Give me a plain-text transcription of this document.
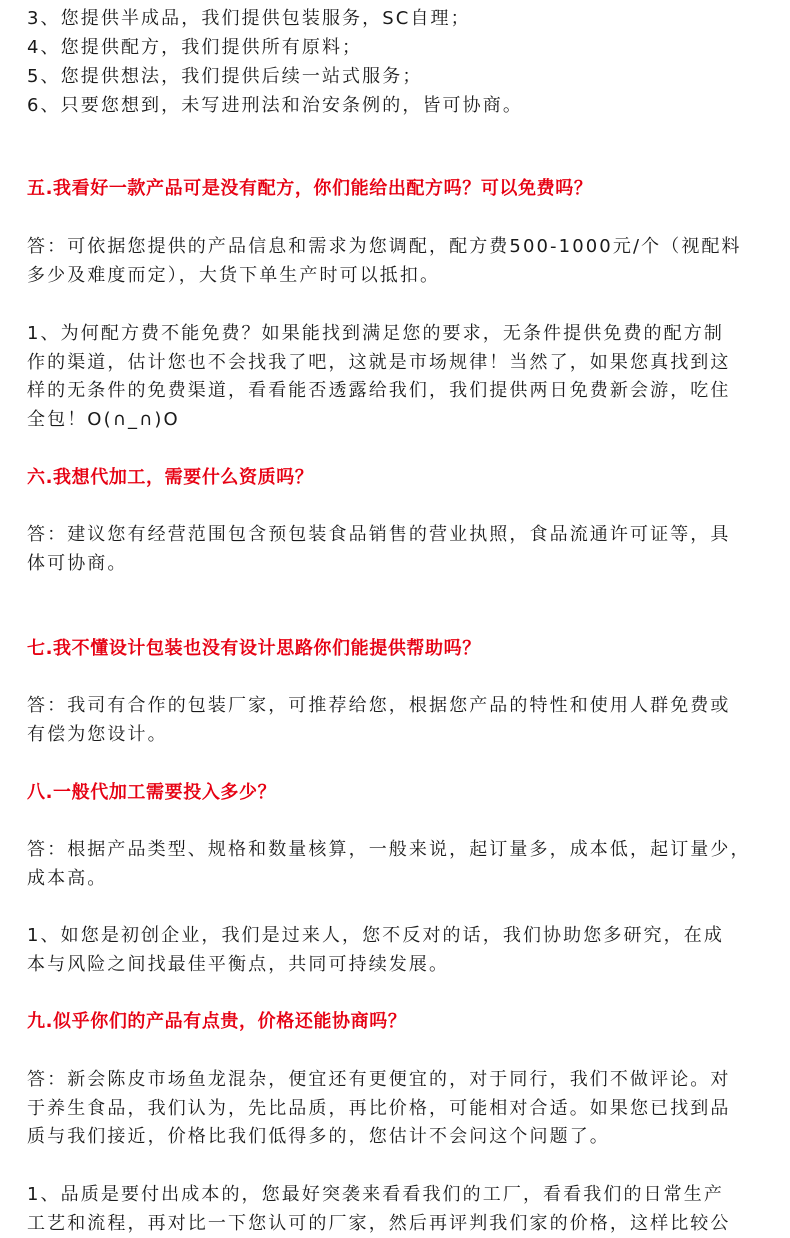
3、您提供半成品，我们提供包装服务，SC自理；
4、您提供配方，我们提供所有原料；
5、您提供想法，我们提供后续一站式服务；
6、只要您想到，未写进刑法和治安条例的，皆可协商。
五.我看好一款产品可是没有配方，你们能给出配方吗？可以免费吗？
答：可依据您提供的产品信息和需求为您调配，配方费500-1000元/个（视配料
多少及难度而定），大货下单生产时可以抵扣。
1、为何配方费不能免费？如果能找到满足您的要求，无条件提供免费的配方制
作的渠道，估计您也不会找我了吧，这就是市场规律！当然了，如果您真找到这
样的无条件的免费渠道，看看能否透露给我们，我们提供两日免费新会游，吃住
全包！O(∩_∩)O
六.我想代加工，需要什么资质吗？
答：建议您有经营范围包含预包装食品销售的营业执照，食品流通许可证等，具
体可协商。
七.我不懂设计包装也没有设计思路你们能提供帮助吗？
答：我司有合作的包装厂家，可推荐给您，根据您产品的特性和使用人群免费或
有偿为您设计。
八.一般代加工需要投入多少？
答：根据产品类型、规格和数量核算，一般来说，起订量多，成本低，起订量少，
成本高。
1、如您是初创企业，我们是过来人，您不反对的话，我们协助您多研究，在成
本与风险之间找最佳平衡点，共同可持续发展。
九.似乎你们的产品有点贵，价格还能协商吗？
答：新会陈皮市场鱼龙混杂，便宜还有更便宜的，对于同行，我们不做评论。对
于养生食品，我们认为，先比品质，再比价格，可能相对合适。如果您已找到品
质与我们接近，价格比我们低得多的，您估计不会问这个问题了。
1、品质是要付出成本的，您最好突袭来看看我们的工厂，看看我们的日常生产
工艺和流程，再对比一下您认可的厂家，然后再评判我们家的价格，这样比较公
